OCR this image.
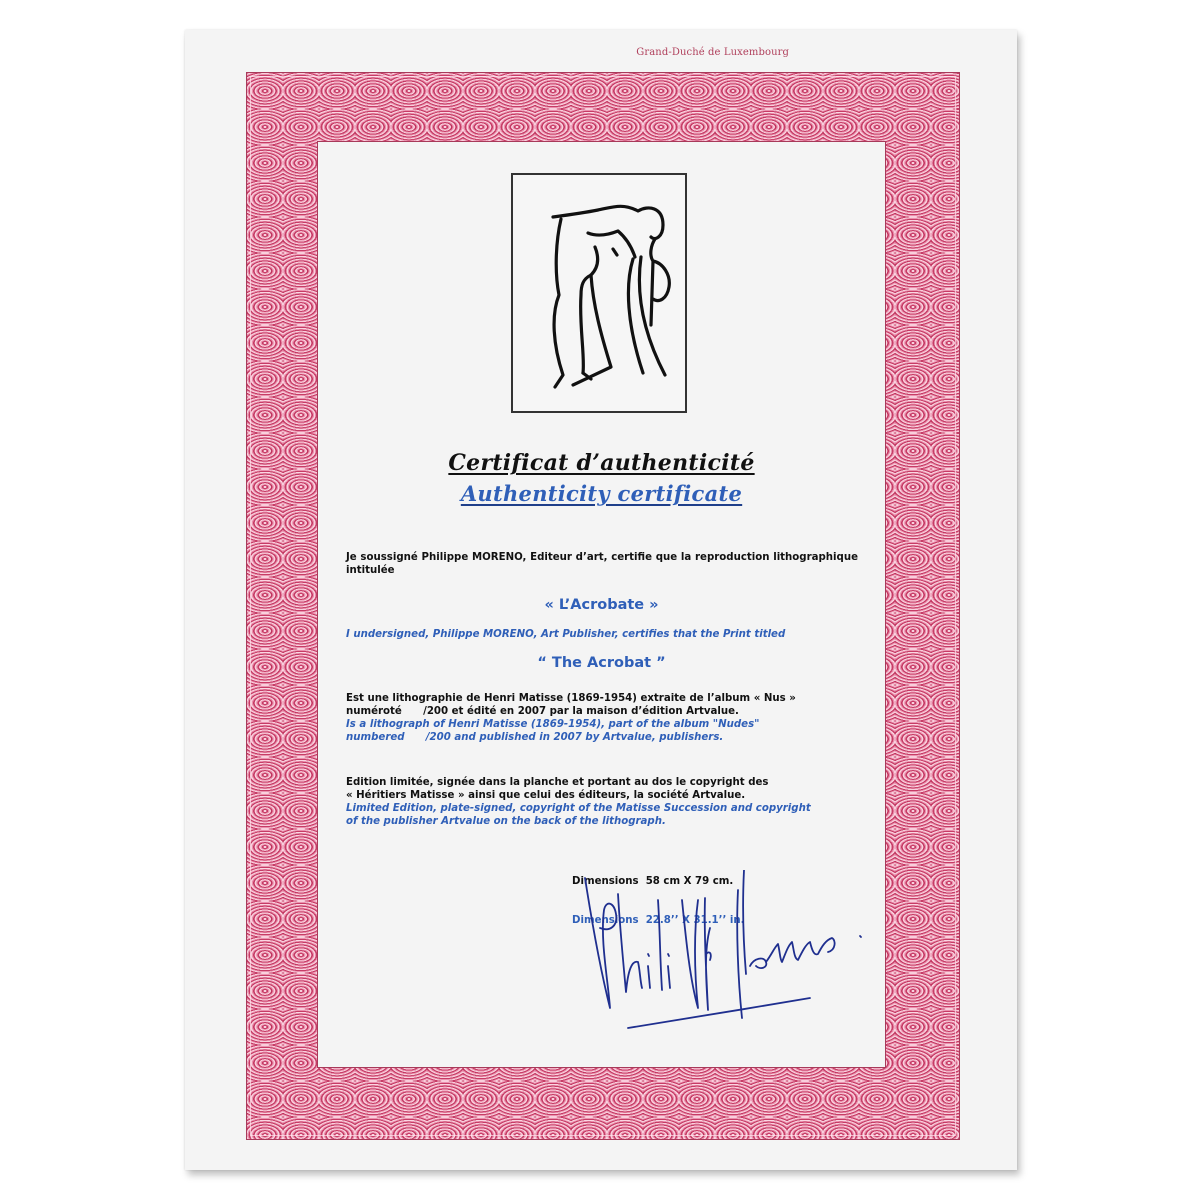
Grand-Duché de Luxembourg
Certificat d’authenticité
Authenticity certificate

Je soussigné Philippe MORENO, Editeur d’art, certifie que la reproduction lithographique intitulée

« L’Acrobate »
I undersigned, Philippe MORENO, Art Publisher, certifies that the Print titled
“ The Acrobat ”

Est une lithographie de Henri Matisse (1869-1954) extraite de l’album « Nus »

numéroté      /200 et édité en 2007 par la maison d’édition Artvalue.

Is a lithograph of Henri Matisse (1869-1954), part of the album "Nudes"

numbered      /200 and published in 2007 by Artvalue, publishers.

Edition limitée, signée dans la planche et portant au dos le copyright des

« Héritiers Matisse » ainsi que celui des éditeurs, la société Artvalue.

Limited Edition, plate-signed, copyright of the Matisse Succession and copyright

of the publisher Artvalue on the back of the lithograph.

Dimensions  58 cm X 79 cm.

Dimensions  22.8’’ X 31.1’’ in.
